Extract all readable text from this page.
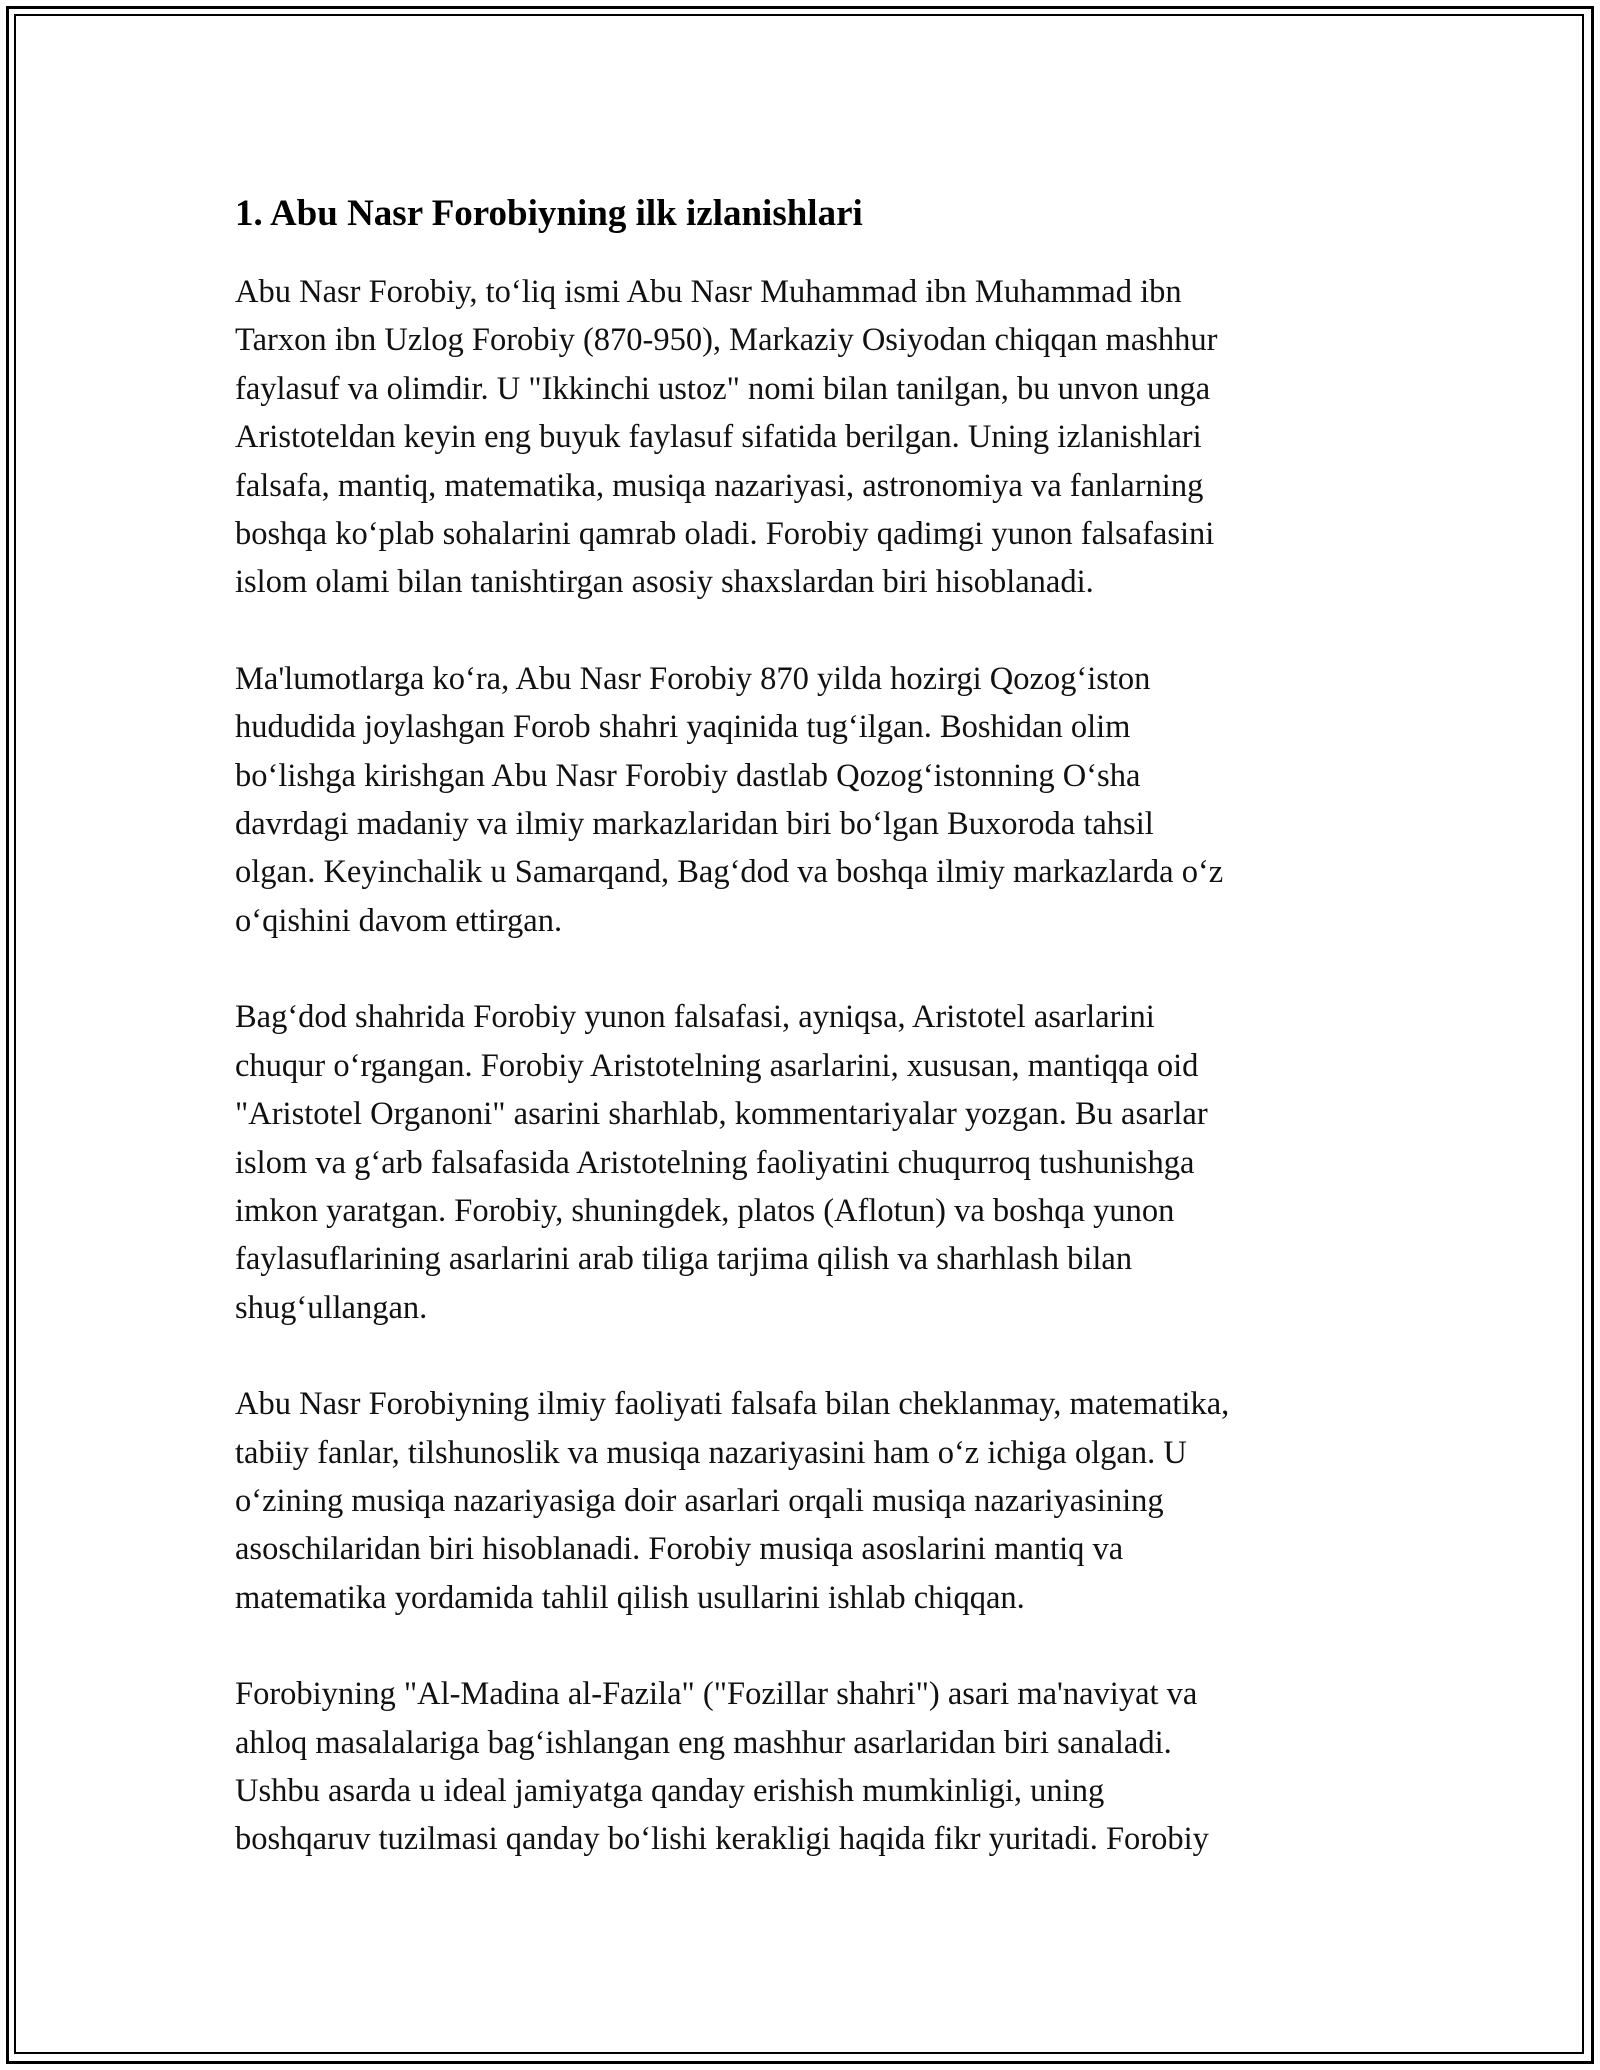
1. Abu Nasr Forobiyning ilk izlanishlari
Abu Nasr Forobiy, to‘liq ismi Abu Nasr Muhammad ibn Muhammad ibn
Tarxon ibn Uzlog Forobiy (870-950), Markaziy Osiyodan chiqqan mashhur
faylasuf va olimdir. U "Ikkinchi ustoz" nomi bilan tanilgan, bu unvon unga
Aristoteldan keyin eng buyuk faylasuf sifatida berilgan. Uning izlanishlari
falsafa, mantiq, matematika, musiqa nazariyasi, astronomiya va fanlarning
boshqa ko‘plab sohalarini qamrab oladi. Forobiy qadimgi yunon falsafasini
islom olami bilan tanishtirgan asosiy shaxslardan biri hisoblanadi.
Ma'lumotlarga ko‘ra, Abu Nasr Forobiy 870 yilda hozirgi Qozog‘iston
hududida joylashgan Forob shahri yaqinida tug‘ilgan. Boshidan olim
bo‘lishga kirishgan Abu Nasr Forobiy dastlab Qozog‘istonning O‘sha
davrdagi madaniy va ilmiy markazlaridan biri bo‘lgan Buxoroda tahsil
olgan. Keyinchalik u Samarqand, Bag‘dod va boshqa ilmiy markazlarda o‘z
o‘qishini davom ettirgan.
Bag‘dod shahrida Forobiy yunon falsafasi, ayniqsa, Aristotel asarlarini
chuqur o‘rgangan. Forobiy Aristotelning asarlarini, xususan, mantiqqa oid
"Aristotel Organoni" asarini sharhlab, kommentariyalar yozgan. Bu asarlar
islom va g‘arb falsafasida Aristotelning faoliyatini chuqurroq tushunishga
imkon yaratgan. Forobiy, shuningdek, platos (Aflotun) va boshqa yunon
faylasuflarining asarlarini arab tiliga tarjima qilish va sharhlash bilan
shug‘ullangan.
Abu Nasr Forobiyning ilmiy faoliyati falsafa bilan cheklanmay, matematika,
tabiiy fanlar, tilshunoslik va musiqa nazariyasini ham o‘z ichiga olgan. U
o‘zining musiqa nazariyasiga doir asarlari orqali musiqa nazariyasining
asoschilaridan biri hisoblanadi. Forobiy musiqa asoslarini mantiq va
matematika yordamida tahlil qilish usullarini ishlab chiqqan.
Forobiyning "Al-Madina al-Fazila" ("Fozillar shahri") asari ma'naviyat va
ahloq masalalariga bag‘ishlangan eng mashhur asarlaridan biri sanaladi.
Ushbu asarda u ideal jamiyatga qanday erishish mumkinligi, uning
boshqaruv tuzilmasi qanday bo‘lishi kerakligi haqida fikr yuritadi. Forobiy
